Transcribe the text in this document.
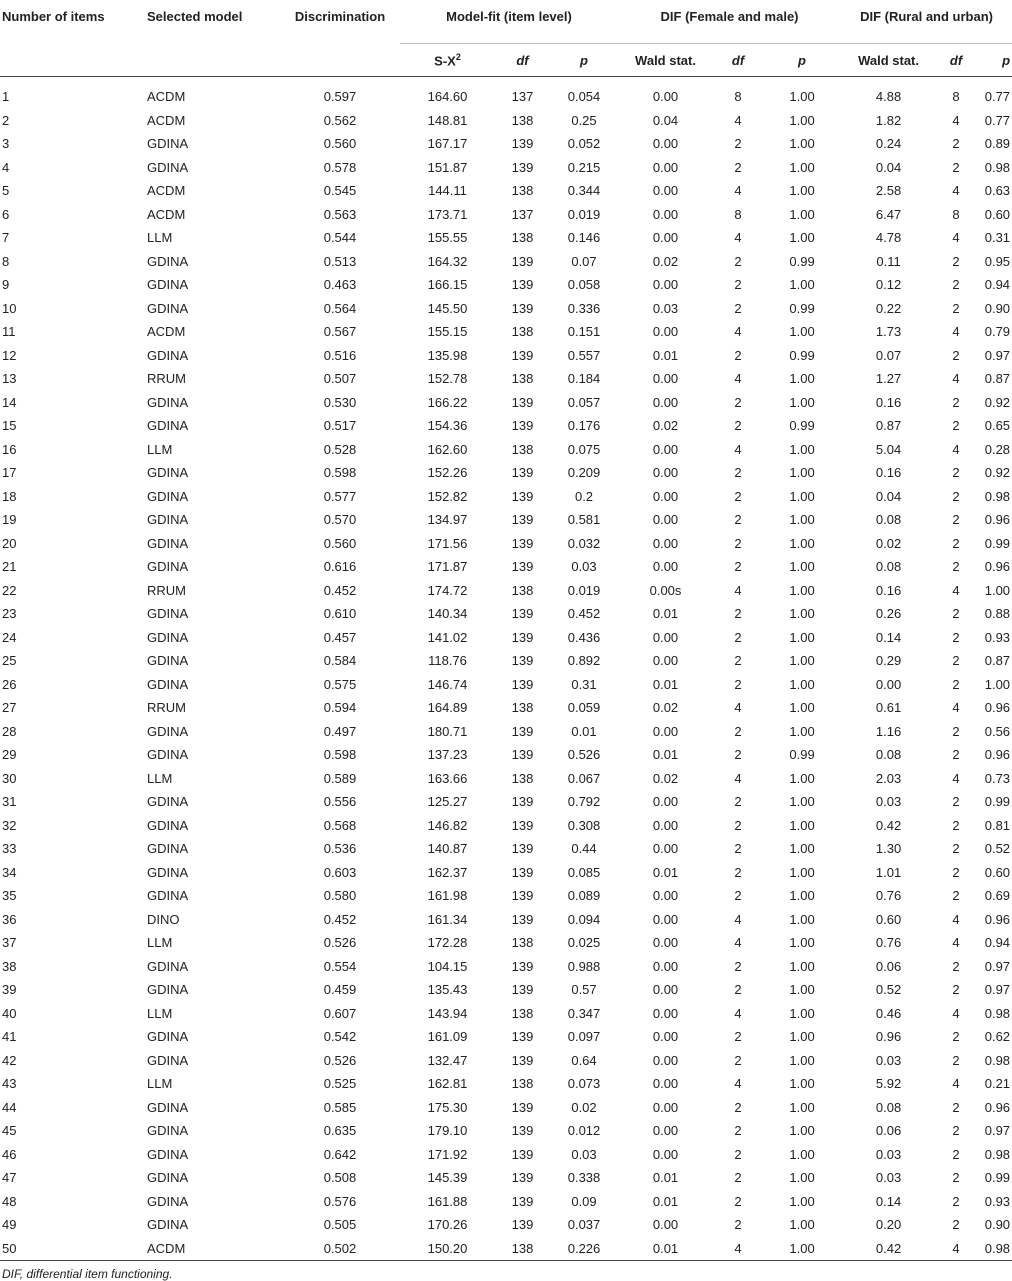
Number of items	Selected model	Discrimination	Model-fit (item level)			DIF (Female and male)			DIF (Rural and urban)		
			$S-X^2$	df	p	Wald stat.	df	p	Wald stat.	df	p
1	ACDM	0.597	164.60	137	0.054	0.00	8	1.00	4.88	8	0.77
2	ACDM	0.562	148.81	138	0.25	0.04	4	1.00	1.82	4	0.77
3	GDINA	0.560	167.17	139	0.052	0.00	2	1.00	0.24	2	0.89
4	GDINA	0.578	151.87	139	0.215	0.00	2	1.00	0.04	2	0.98
5	ACDM	0.545	144.11	138	0.344	0.00	4	1.00	2.58	4	0.63
6	ACDM	0.563	173.71	137	0.019	0.00	8	1.00	6.47	8	0.60
7	LLM	0.544	155.55	138	0.146	0.00	4	1.00	4.78	4	0.31
8	GDINA	0.513	164.32	139	0.07	0.02	2	0.99	0.11	2	0.95
9	GDINA	0.463	166.15	139	0.058	0.00	2	1.00	0.12	2	0.94
10	GDINA	0.564	145.50	139	0.336	0.03	2	0.99	0.22	2	0.90
11	ACDM	0.567	155.15	138	0.151	0.00	4	1.00	1.73	4	0.79
12	GDINA	0.516	135.98	139	0.557	0.01	2	0.99	0.07	2	0.97
13	RRUM	0.507	152.78	138	0.184	0.00	4	1.00	1.27	4	0.87
14	GDINA	0.530	166.22	139	0.057	0.00	2	1.00	0.16	2	0.92
15	GDINA	0.517	154.36	139	0.176	0.02	2	0.99	0.87	2	0.65
16	LLM	0.528	162.60	138	0.075	0.00	4	1.00	5.04	4	0.28
17	GDINA	0.598	152.26	139	0.209	0.00	2	1.00	0.16	2	0.92
18	GDINA	0.577	152.82	139	0.2	0.00	2	1.00	0.04	2	0.98
19	GDINA	0.570	134.97	139	0.581	0.00	2	1.00	0.08	2	0.96
20	GDINA	0.560	171.56	139	0.032	0.00	2	1.00	0.02	2	0.99
21	GDINA	0.616	171.87	139	0.03	0.00	2	1.00	0.08	2	0.96
22	RRUM	0.452	174.72	138	0.019	0.00s	4	1.00	0.16	4	1.00
23	GDINA	0.610	140.34	139	0.452	0.01	2	1.00	0.26	2	0.88
24	GDINA	0.457	141.02	139	0.436	0.00	2	1.00	0.14	2	0.93
25	GDINA	0.584	118.76	139	0.892	0.00	2	1.00	0.29	2	0.87
26	GDINA	0.575	146.74	139	0.31	0.01	2	1.00	0.00	2	1.00
27	RRUM	0.594	164.89	138	0.059	0.02	4	1.00	0.61	4	0.96
28	GDINA	0.497	180.71	139	0.01	0.00	2	1.00	1.16	2	0.56
29	GDINA	0.598	137.23	139	0.526	0.01	2	0.99	0.08	2	0.96
30	LLM	0.589	163.66	138	0.067	0.02	4	1.00	2.03	4	0.73
31	GDINA	0.556	125.27	139	0.792	0.00	2	1.00	0.03	2	0.99
32	GDINA	0.568	146.82	139	0.308	0.00	2	1.00	0.42	2	0.81
33	GDINA	0.536	140.87	139	0.44	0.00	2	1.00	1.30	2	0.52
34	GDINA	0.603	162.37	139	0.085	0.01	2	1.00	1.01	2	0.60
35	GDINA	0.580	161.98	139	0.089	0.00	2	1.00	0.76	2	0.69
36	DINO	0.452	161.34	139	0.094	0.00	4	1.00	0.60	4	0.96
37	LLM	0.526	172.28	138	0.025	0.00	4	1.00	0.76	4	0.94
38	GDINA	0.554	104.15	139	0.988	0.00	2	1.00	0.06	2	0.97
39	GDINA	0.459	135.43	139	0.57	0.00	2	1.00	0.52	2	0.97
40	LLM	0.607	143.94	138	0.347	0.00	4	1.00	0.46	4	0.98
41	GDINA	0.542	161.09	139	0.097	0.00	2	1.00	0.96	2	0.62
42	GDINA	0.526	132.47	139	0.64	0.00	2	1.00	0.03	2	0.98
43	LLM	0.525	162.81	138	0.073	0.00	4	1.00	5.92	4	0.21
44	GDINA	0.585	175.30	139	0.02	0.00	2	1.00	0.08	2	0.96
45	GDINA	0.635	179.10	139	0.012	0.00	2	1.00	0.06	2	0.97
46	GDINA	0.642	171.92	139	0.03	0.00	2	1.00	0.03	2	0.98
47	GDINA	0.508	145.39	139	0.338	0.01	2	1.00	0.03	2	0.99
48	GDINA	0.576	161.88	139	0.09	0.01	2	1.00	0.14	2	0.93
49	GDINA	0.505	170.26	139	0.037	0.00	2	1.00	0.20	2	0.90
50	ACDM	0.502	150.20	138	0.226	0.01	4	1.00	0.42	4	0.98
DIF, differential item functioning.
